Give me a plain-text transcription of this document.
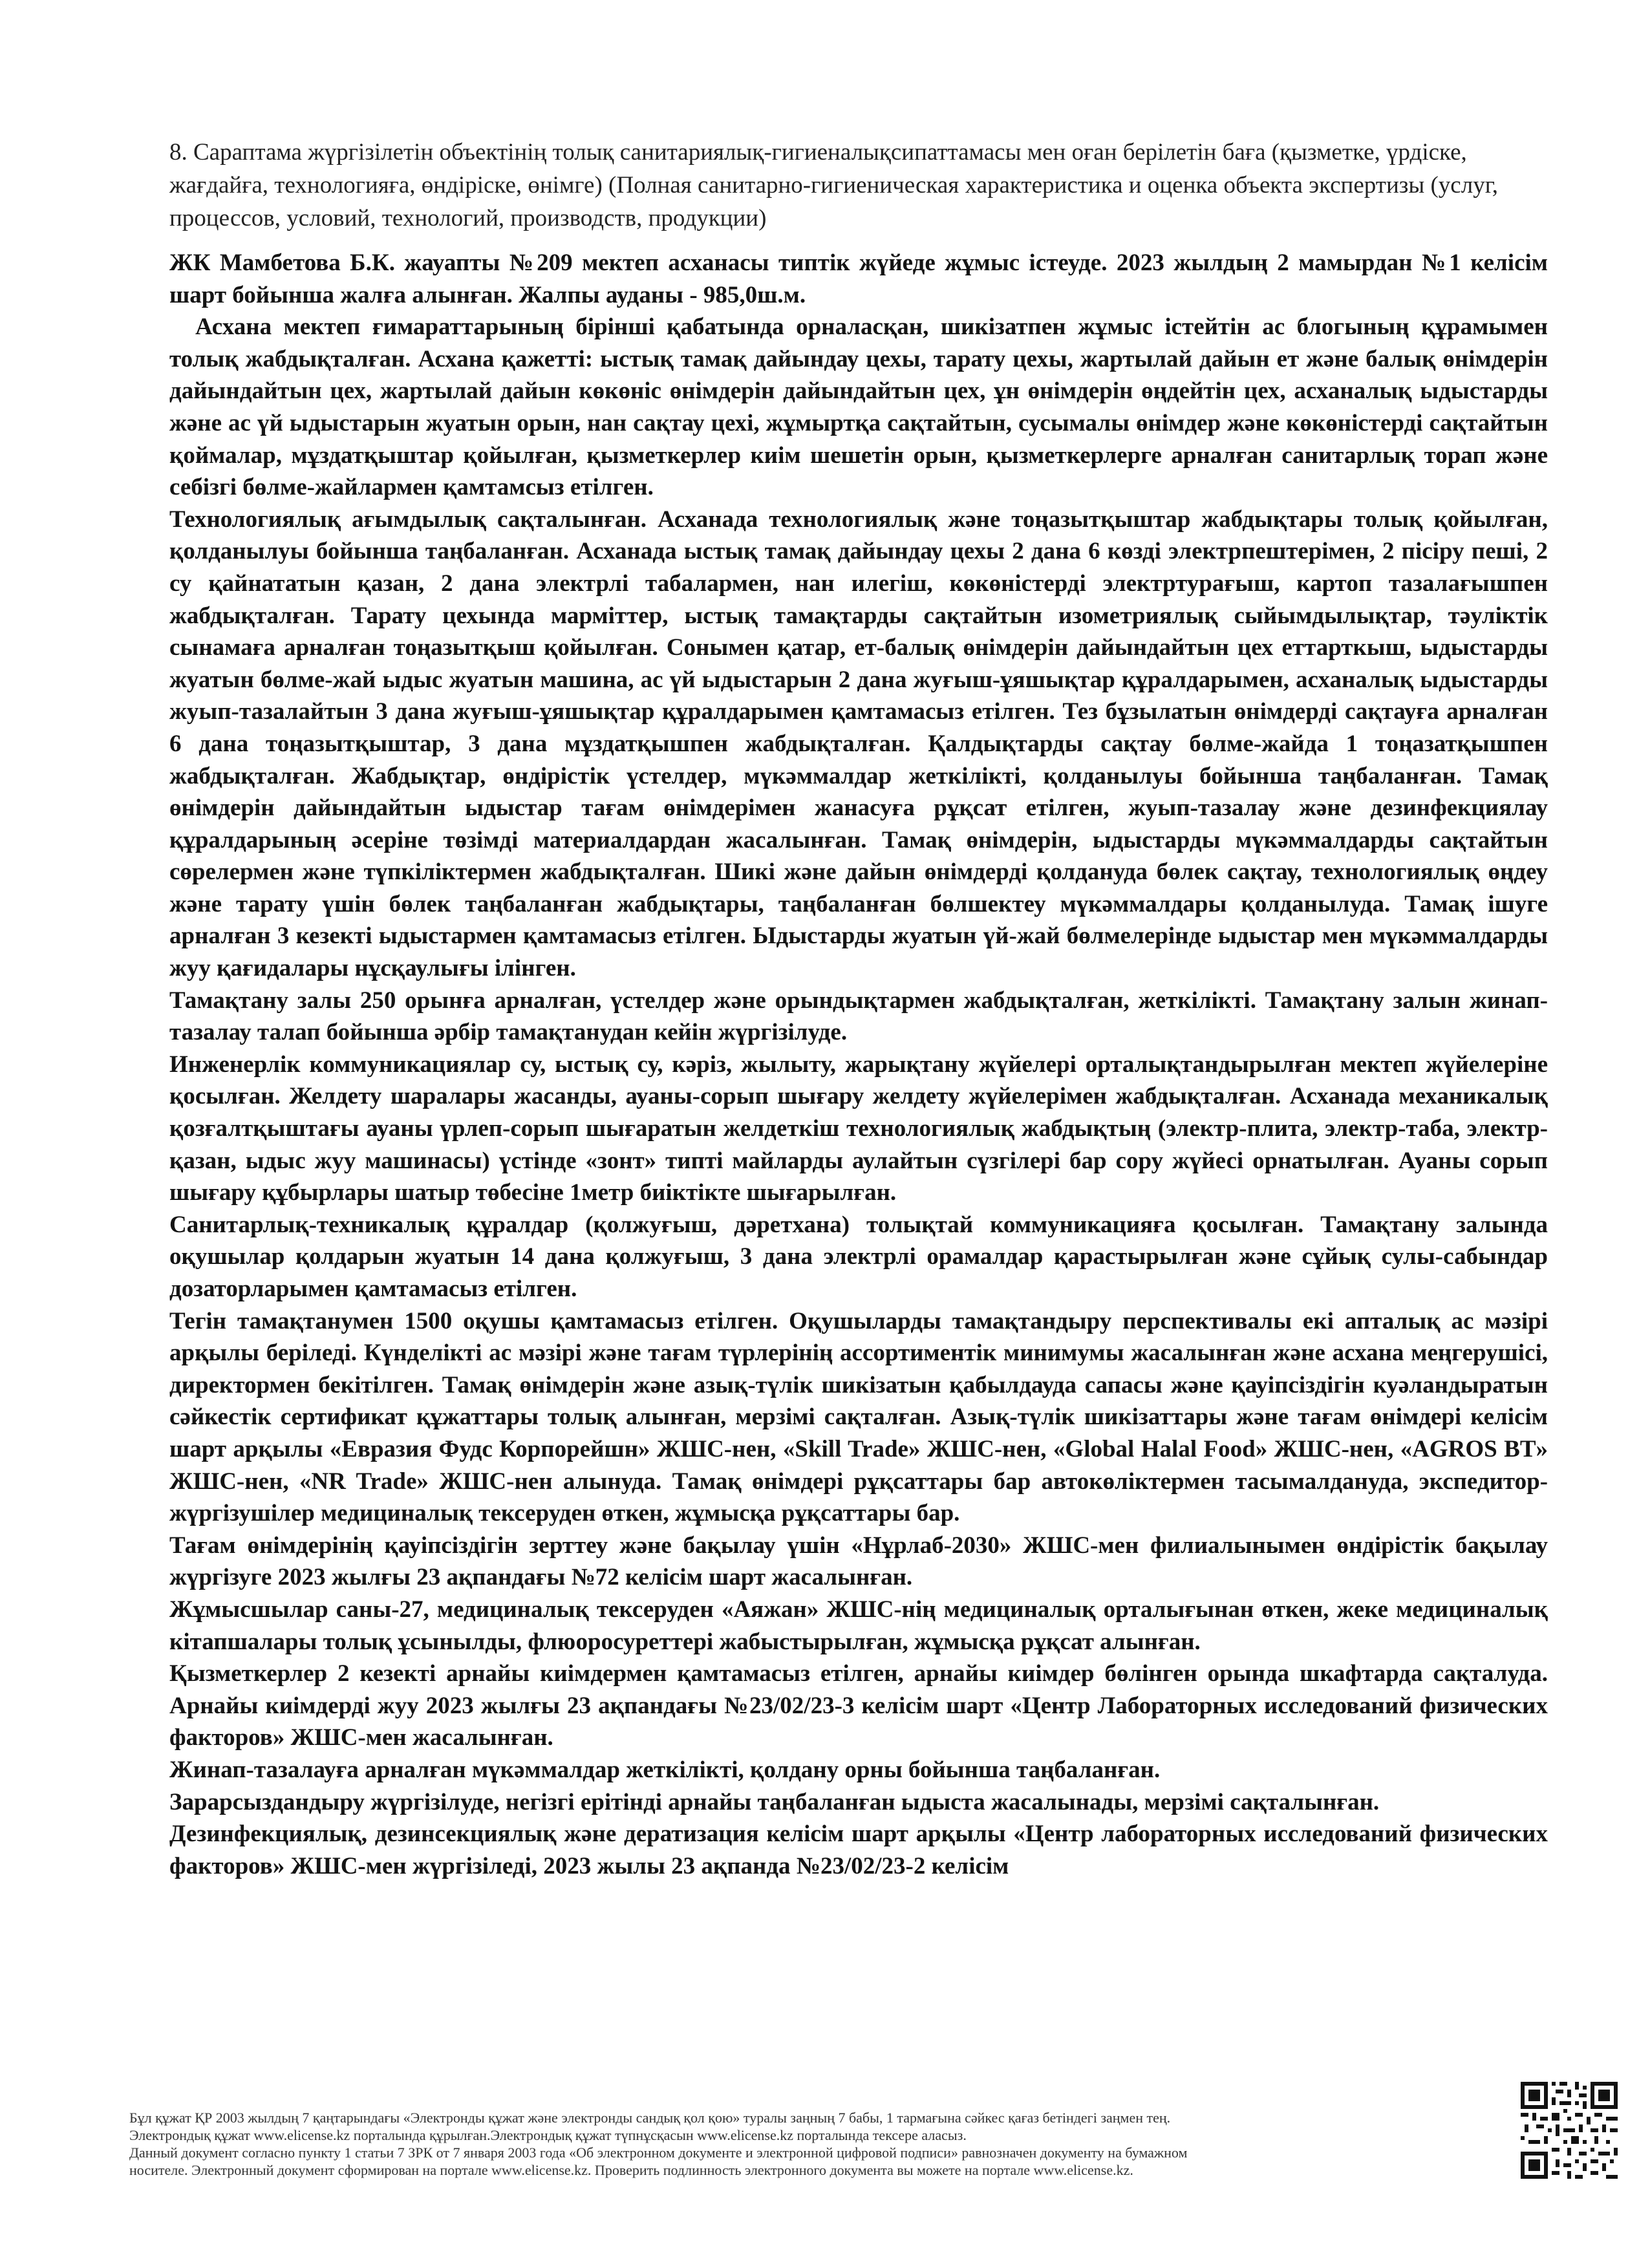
8. Сараптама жүргізілетін объектінің толық санитариялық-гигиеналықсипаттамасы мен оған берілетін баға (қызметке, үрдіске, жағдайға, технологияға, өндіріске, өнімге) (Полная санитарно-гигиеническая характеристика и оценка объекта экспертизы (услуг, процессов, условий, технологий, производств, продукции)

ЖК Мамбетова Б.К. жауапты №209 мектеп асханасы типтік жүйеде жұмыс істеуде. 2023 жылдың 2 мамырдан №1 келісім шарт бойынша жалға алынған. Жалпы ауданы - 985,0ш.м.

Асхана мектеп ғимараттарының бірінші қабатында орналасқан, шикізатпен жұмыс істейтін ас блогының құрамымен толық жабдықталған. Асхана қажетті: ыстық тамақ дайындау цехы, тарату цехы, жартылай дайын ет және балық өнімдерін дайындайтын цех, жартылай дайын көкөніс өнімдерін дайындайтын цех, ұн өнімдерін өңдейтін цех, асханалық ыдыстарды және ас үй ыдыстарын жуатын орын, нан сақтау цехі, жұмыртқа сақтайтын, сусымалы өнімдер және көкөністерді сақтайтын қоймалар, мұздатқыштар қойылған, қызметкерлер киім шешетін орын, қызметкерлерге арналған санитарлық торап және себізгі бөлме-жайлармен қамтамсыз етілген.

Технологиялық ағымдылық сақталынған. Асханада технологиялық және тоңазытқыштар жабдықтары толық қойылған, қолданылуы бойынша таңбаланған. Асханада ыстық тамақ дайындау цехы 2 дана 6 көзді электрпештерімен, 2 пісіру пеші, 2 су қайнататын қазан, 2 дана электрлі табалармен, нан илегіш, көкөністерді электртурағыш, картоп тазалағышпен жабдықталған. Тарату цехында марміттер, ыстық тамақтарды сақтайтын изометриялық сыйымдылықтар, тәуліктік сынамаға арналған тоңазытқыш қойылған. Сонымен қатар, ет-балық өнімдерін дайындайтын цех еттарткыш, ыдыстарды жуатын бөлме-жай ыдыс жуатын машина, ас үй ыдыстарын 2 дана жуғыш-ұяшықтар құралдарымен, асханалық ыдыстарды жуып-тазалайтын 3 дана жуғыш-ұяшықтар құралдарымен қамтамасыз етілген. Тез бұзылатын өнімдерді сақтауға арналған 6 дана тоңазытқыштар, 3 дана мұздатқышпен жабдықталған. Қалдықтарды сақтау бөлме-жайда 1 тоңазатқышпен жабдықталған. Жабдықтар, өндірістік үстелдер, мүкәммалдар жеткілікті, қолданылуы бойынша таңбаланған. Тамақ өнімдерін дайындайтын ыдыстар тағам өнімдерімен жанасуға рұқсат етілген, жуып-тазалау және дезинфекциялау құралдарының әсеріне төзімді материалдардан жасалынған. Тамақ өнімдерін, ыдыстарды мүкәммалдарды сақтайтын сөрелермен және түпкіліктермен жабдықталған. Шикі және дайын өнімдерді қолдануда бөлек сақтау, технологиялық өңдеу және тарату үшін бөлек таңбаланған жабдықтары, таңбаланған бөлшектеу мүкәммалдары қолданылуда. Тамақ ішуге арналған 3 кезекті ыдыстармен қамтамасыз етілген. Ыдыстарды жуатын үй-жай бөлмелерінде ыдыстар мен мүкәммалдарды жуу қағидалары нұсқаулығы ілінген.

Тамақтану залы 250 орынға арналған, үстелдер және орындықтармен жабдықталған, жеткілікті. Тамақтану залын жинап-тазалау талап бойынша әрбір тамақтанудан кейін жүргізілуде.

Инженерлік коммуникациялар су, ыстық су, кәріз, жылыту, жарықтану жүйелері орталықтандырылған мектеп жүйелеріне қосылған. Желдету шаралары жасанды, ауаны-сорып шығару желдету жүйелерімен жабдықталған. Асханада механикалық қозғалтқыштағы ауаны үрлеп-сорып шығаратын желдеткіш технологиялық жабдықтың (электр-плита, электр-таба, электр-қазан, ыдыс жуу машинасы) үстінде «зонт» типті майларды аулайтын сүзгілері бар сору жүйесі орнатылған. Ауаны сорып шығару құбырлары шатыр төбесіне 1метр биіктікте шығарылған.

Санитарлық-техникалық құралдар (қолжуғыш, дәретхана) толықтай коммуникацияға қосылған. Тамақтану залында оқушылар қолдарын жуатын 14 дана қолжуғыш, 3 дана электрлі орамалдар қарастырылған және сұйық сулы-сабындар дозаторларымен қамтамасыз етілген.

Тегін тамақтанумен 1500 оқушы қамтамасыз етілген. Оқушыларды тамақтандыру перспективалы екі апталық ас мәзірі арқылы беріледі. Күнделікті ас мәзірі және тағам түрлерінің ассортиментік минимумы жасалынған және асхана меңгерушісі, директормен бекітілген. Тамақ өнімдерін және азық-түлік шикізатын қабылдауда сапасы және қауіпсіздігін куәландыратын сәйкестік сертификат құжаттары толық алынған, мерзімі сақталған. Азық-түлік шикізаттары және тағам өнімдері келісім шарт арқылы «Евразия Фудс Корпорейшн» ЖШС-нен, «Skill Trade» ЖШС-нен, «Global Halal Food» ЖШС-нен, «AGROS BT» ЖШС-нен, «NR Trade» ЖШС-нен алынуда. Тамақ өнімдері рұқсаттары бар автокөліктермен тасымалдануда, экспедитор-жүргізушілер медициналық тексеруден өткен, жұмысқа рұқсаттары бар.

Тағам өнімдерінің қауіпсіздігін зерттеу және бақылау үшін «Нұрлаб-2030» ЖШС-мен филиалынымен өндірістік бақылау жүргізуге 2023 жылғы 23 ақпандағы №72 келісім шарт жасалынған.

Жұмысшылар саны-27, медициналық тексеруден «Аяжан» ЖШС-нің медициналық орталығынан өткен, жеке медициналық кітапшалары толық ұсынылды, флюоросуреттері жабыстырылған, жұмысқа рұқсат алынған.

Қызметкерлер 2 кезекті арнайы киімдермен қамтамасыз етілген, арнайы киімдер бөлінген орында шкафтарда сақталуда. Арнайы киімдерді жуу 2023 жылғы 23 ақпандағы №23/02/23-3 келісім шарт «Центр Лабораторных исследований физических факторов» ЖШС-мен жасалынған.

Жинап-тазалауға арналған мүкәммалдар жеткілікті, қолдану орны бойынша таңбаланған.

Зарарсыздандыру жүргізілуде, негізгі ерітінді арнайы таңбаланған ыдыста жасалынады, мерзімі сақталынған.

Дезинфекциялық, дезинсекциялық және дератизация келісім шарт арқылы «Центр лабораторных исследований физических факторов» ЖШС-мен жүргізіледі, 2023 жылы 23 ақпанда №23/02/23-2 келісім

Бұл құжат ҚР 2003 жылдың 7 қаңтарындағы «Электронды құжат және электронды сандық қол қою» туралы заңның 7 бабы, 1 тармағына сәйкес қағаз бетіндегі заңмен тең.
Электрондық құжат www.elicense.kz порталында құрылған.Электрондық құжат түпнұсқасын www.elicense.kz порталында тексере аласыз.
Данный документ согласно пункту 1 статьи 7 ЗРК от 7 января 2003 года «Об электронном документе и электронной цифровой подписи» равнозначен документу на бумажном
носителе. Электронный документ сформирован на портале www.elicense.kz. Проверить подлинность электронного документа вы можете на портале www.elicense.kz.
